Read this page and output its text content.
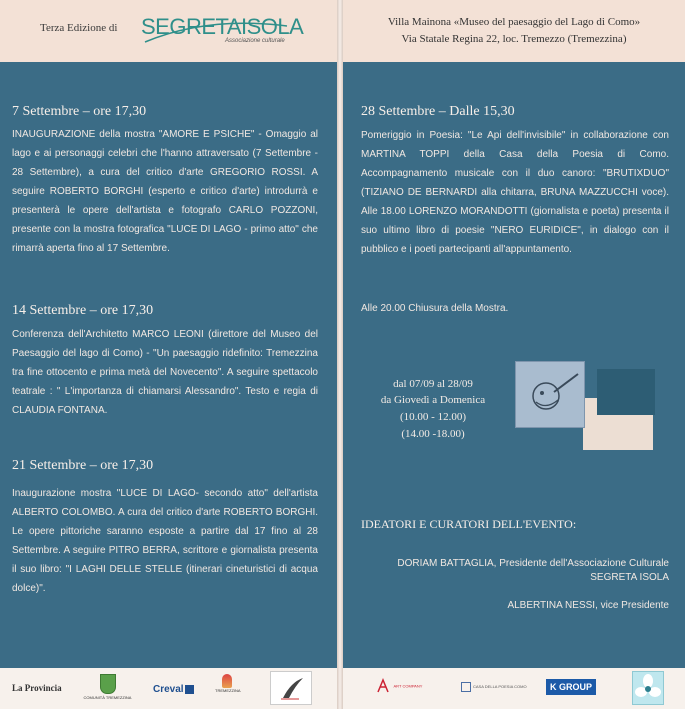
Terza Edizione di SEGRETAISOLA
Associazione culturale
7 Settembre – ore 17,30

INAUGURAZIONE della mostra "AMORE E PSICHE" - Omaggio al lago e ai personaggi celebri che l'hanno attraversato (7 Settembre - 28 Settembre), a cura del critico d'arte GREGORIO ROSSI. A seguire ROBERTO BORGHI (esperto e critico d'arte) introdurrà e presenterà le opere dell'artista e fotografo CARLO POZZONI, presente con la mostra fotografica "LUCE DI LAGO - primo atto" che rimarrà aperta fino al 17 Settembre.

14 Settembre – ore 17,30

Conferenza dell'Architetto MARCO LEONI (direttore del Museo del Paesaggio del lago di Como) - "Un paesaggio ridefinito: Tremezzina tra fine ottocento e prima metà del Novecento". A seguire spettacolo teatrale : " L'importanza di chiamarsi Alessandro". Testo e regia di CLAUDIA FONTANA.

21 Settembre – ore 17,30

Inaugurazione mostra "LUCE DI LAGO- secondo atto" dell'artista ALBERTO COLOMBO. A cura del critico d'arte ROBERTO BORGHI. Le opere pittoriche saranno esposte a partire dal 17 fino al 28 Settembre. A seguire PITRO BERRA, scrittore e giornalista presenta il suo libro: "I LAGHI DELLE STELLE (itinerari cineturistici di acqua dolce)".

La Provincia
COMUNITÀ TREMEZZINA
Creval	TREMEZZINA
Villa Mainona «Museo del paesaggio del Lago di Como»
Via Statale Regina 22, loc. Tremezzo (Tremezzina)
28 Settembre – Dalle 15,30

Pomeriggio in Poesia: "Le Api dell'invisibile" in collaborazione con MARTINA TOPPI della Casa della Poesia di Como. Accompagnamento musicale con il duo canoro: "BRUTIXDUO" (TIZIANO DE BERNARDI alla chitarra, BRUNA MAZZUCCHI voce). Alle 18.00 LORENZO MORANDOTTI (giornalista e poeta) presenta il suo ultimo libro di poesie "NERO EURIDICE", in dialogo con il pubblico e i poeti partecipanti all'appuntamento.

Alle 20.00 Chiusura della Mostra.
dal 07/09 al 28/09
da Giovedì a Domenica
(10.00 - 12.00)
(14.00 -18.00)
IDEATORI E CURATORI DELL'EVENTO:
DORIAM BATTAGLIA, Presidente dell'Associazione Culturale
SEGRETA ISOLA
ALBERTINA NESSI, vice Presidente
ART COMPANY	CASA DELLA POESIA COMO	K GROUP
